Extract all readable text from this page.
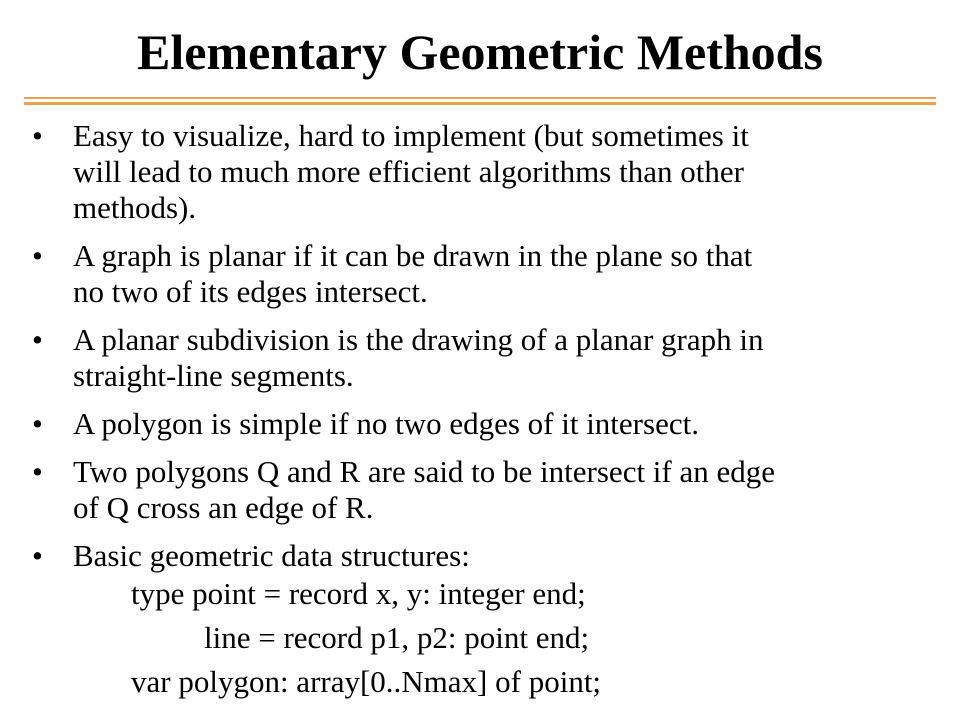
Elementary Geometric Methods
• Easy to visualize, hard to implement (but sometimes it
will lead to much more efficient algorithms than other
methods).
• A graph is planar if it can be drawn in the plane so that
no two of its edges intersect.
• A planar subdivision is the drawing of a planar graph in
straight-line segments.
• A polygon is simple if no two edges of it intersect.
• Two polygons Q and R are said to be intersect if an edge
of Q cross an edge of R.
• Basic geometric data structures:
type point = record x, y: integer end;
line = record p1, p2: point end;
var polygon: array[0..Nmax] of point;
